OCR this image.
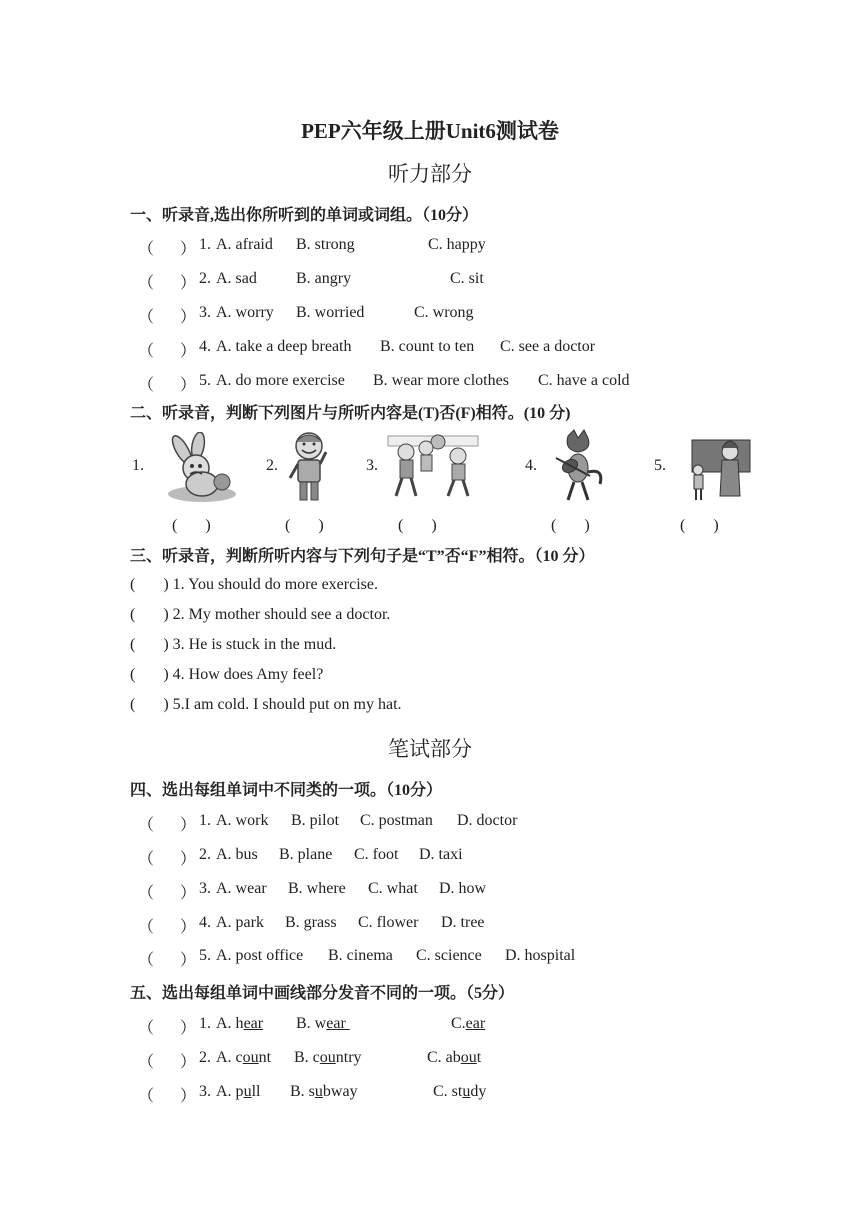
PEP六年级上册Unit6测试卷
听力部分
一、听录音,选出你所听到的单词或词组。（10分）
（ ） 1. A. afraid B. strong	C. happy
（ ） 2. A. sad B. angry	C. sit
（ ） 3. A. worry B. worried	C. wrong
（ ） 4. A. take a deep breath B. count to ten C. see a doctor
（ ） 5. A. do more exercise B. wear more clothes C. have a cold
二、听录音，判断下列图片与所听内容是(T)否(F)相符。(10 分)
1.	2.	3.	4.	5.
(       )	(       )	(       )	(       )	(       )
三、听录音，判断所听内容与下列句子是“T”否“F”相符。（10 分）
(       ) 1. You should do more exercise.
(       ) 2. My mother should see a doctor.
(       ) 3. He is stuck in the mud.
(       ) 4. How does Amy feel?
(       ) 5.I am cold. I should put on my hat.
笔试部分
四、选出每组单词中不同类的一项。（10分）
（ ） 1. A. work B. pilot C. postman D. doctor
（ ） 2. A. bus B. plane C. foot D. taxi
（ ） 3. A. wear B. where C. what D. how
（ ） 4. A. park B. grass C. flower D. tree
（ ） 5. A. post office B. cinema C. science D. hospital
五、选出每组单词中画线部分发音不同的一项。（5分）
（ ） 1. A. hear B. wear	C.ear
（ ） 2. A. count B. country	C. about
（ ） 3. A. pull B. subway	C. study
